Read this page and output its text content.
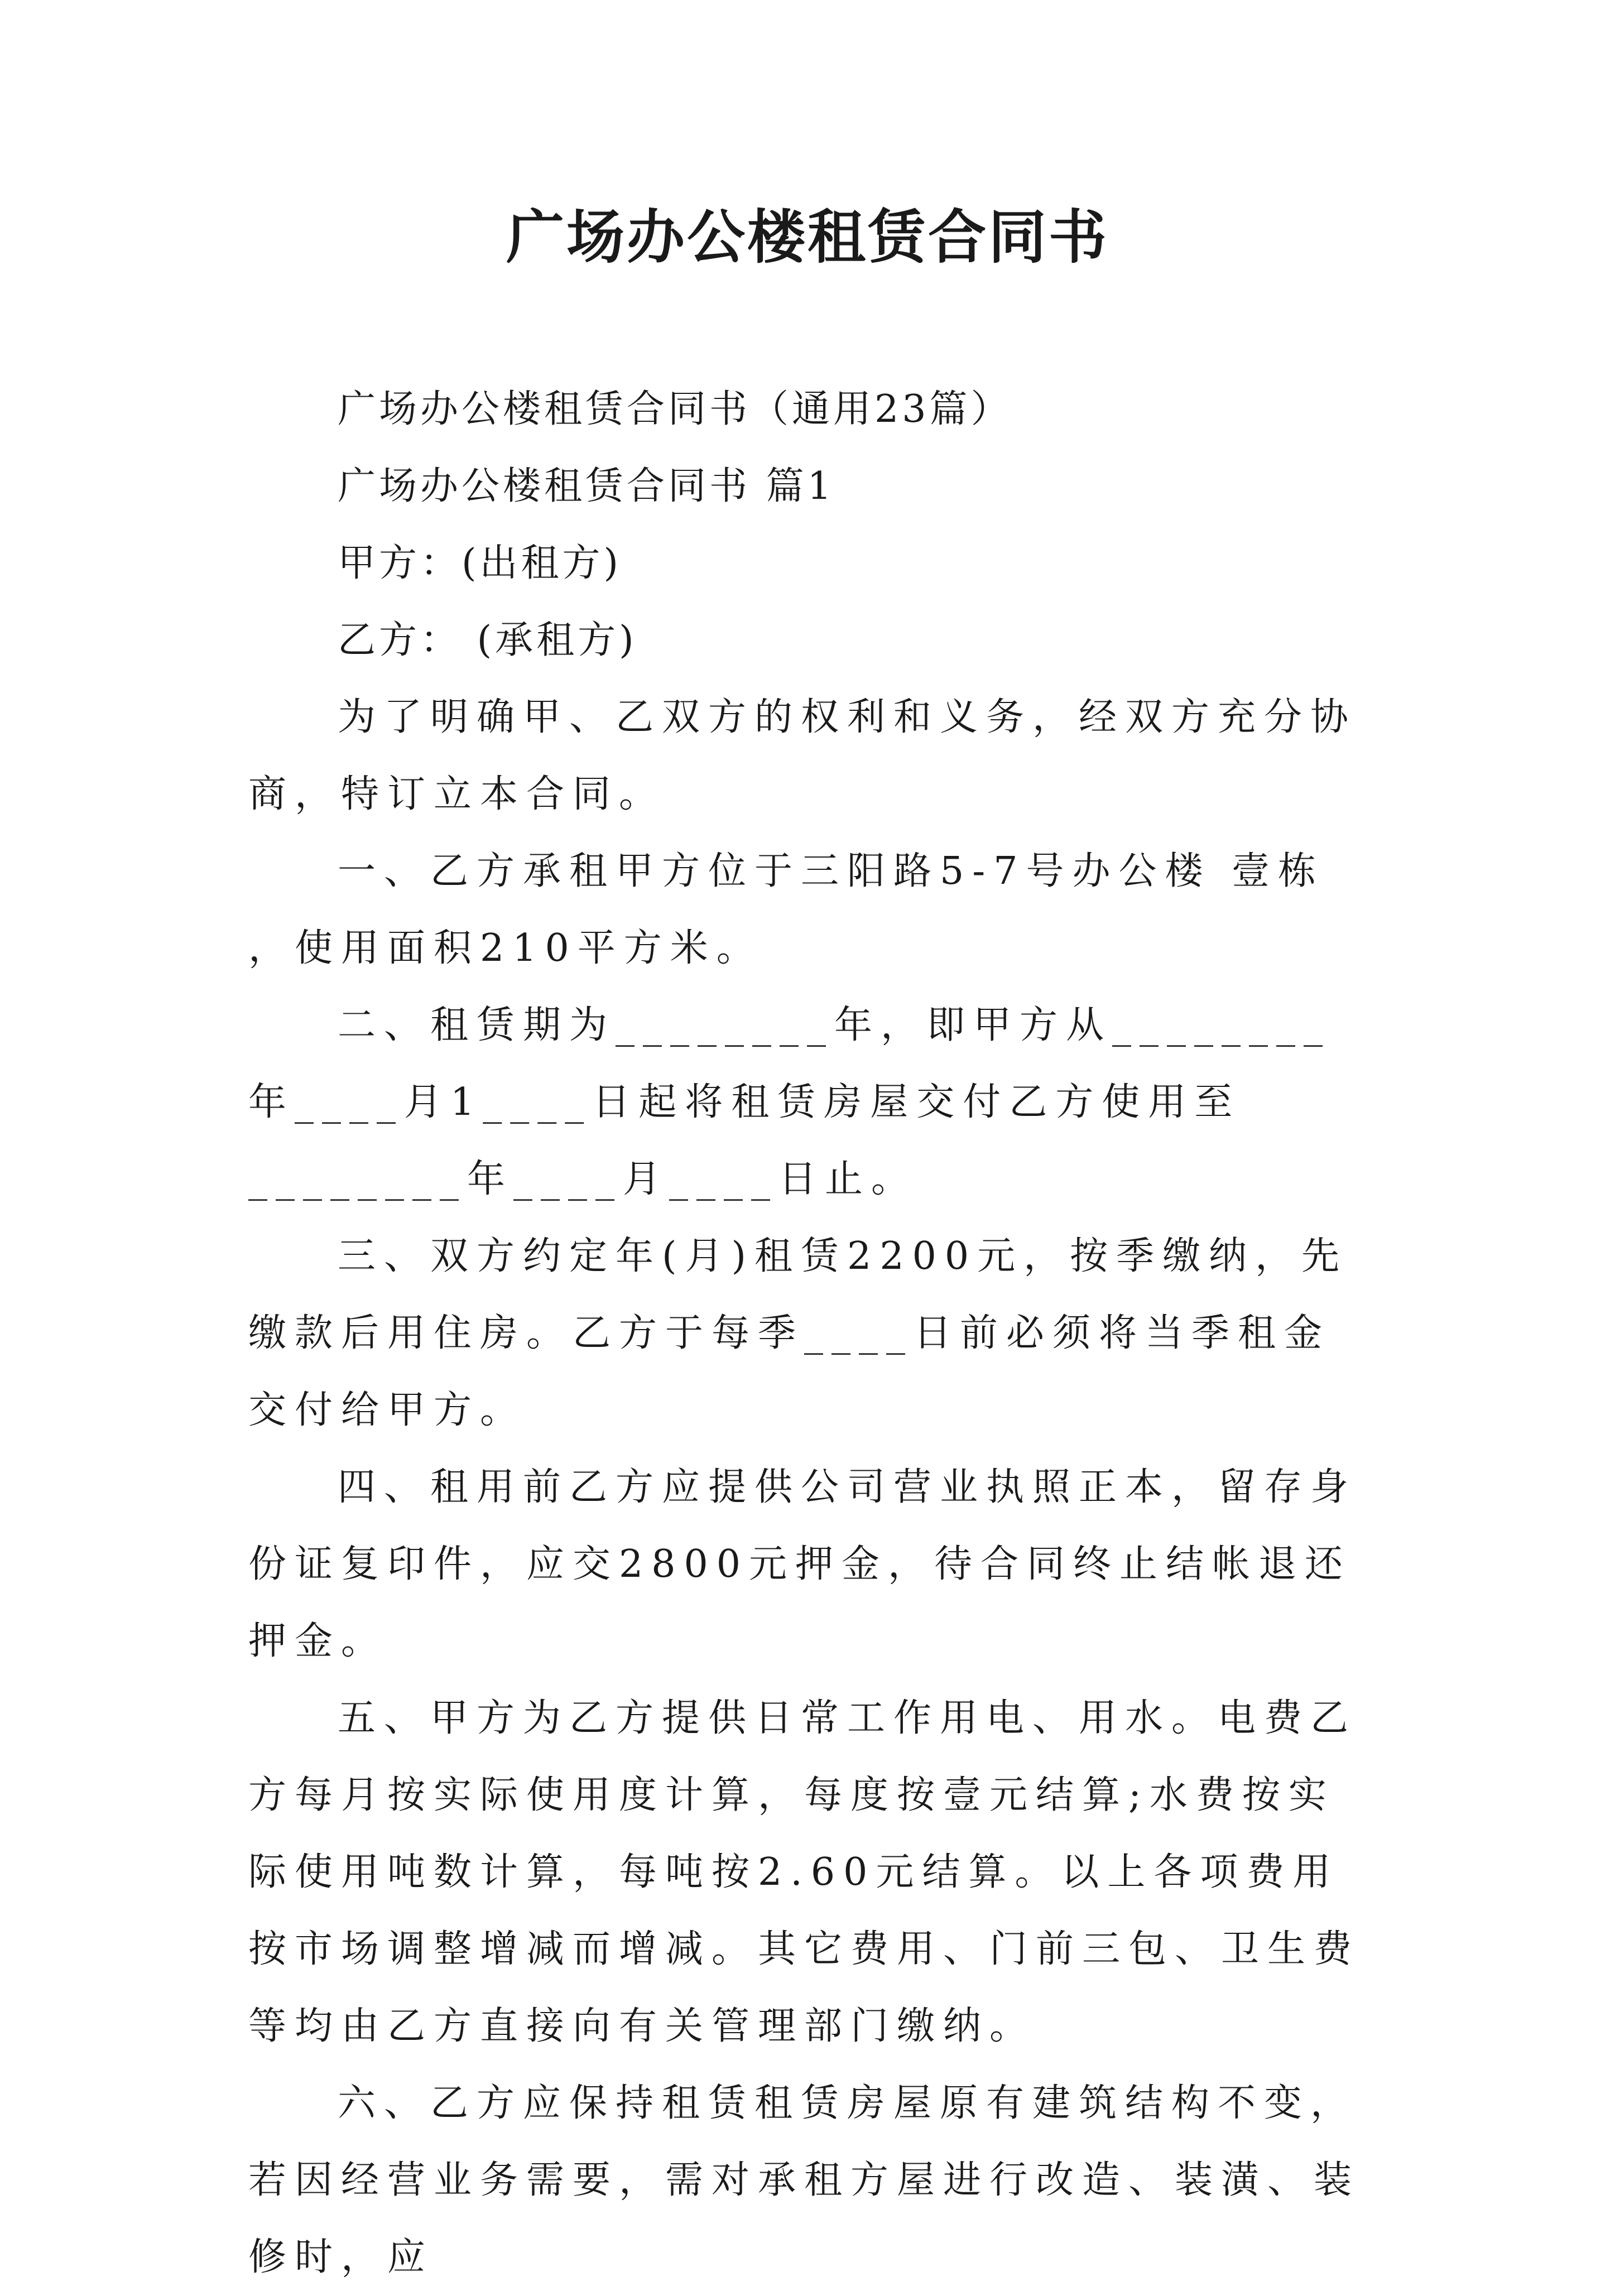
广场办公楼租赁合同书

广场办公楼租赁合同书（通用23篇）

广场办公楼租赁合同书 篇1

甲方：(出租方)

乙方： (承租方)

为了明确甲、乙双方的权利和义务，经双方充分协商，特订立本合同。

一、乙方承租甲方位于三阳路5-7号办公楼 壹栋 ，使用面积210平方米。

二、租赁期为________年，即甲方从________年____月1____日起将租赁房屋交付乙方使用至________年____月____日止。

三、双方约定年(月)租赁2200元，按季缴纳，先缴款后用住房。乙方于每季____日前必须将当季租金交付给甲方。

四、租用前乙方应提供公司营业执照正本，留存身份证复印件，应交2800元押金，待合同终止结帐退还押金。

五、甲方为乙方提供日常工作用电、用水。电费乙方每月按实际使用度计算，每度按壹元结算;水费按实际使用吨数计算，每吨按2.60元结算。以上各项费用按市场调整增减而增减。其它费用、门前三包、卫生费等均由乙方直接向有关管理部门缴纳。

六、乙方应保持租赁租赁房屋原有建筑结构不变，若因经营业务需要，需对承租方屋进行改造、装潢、装修时，应
